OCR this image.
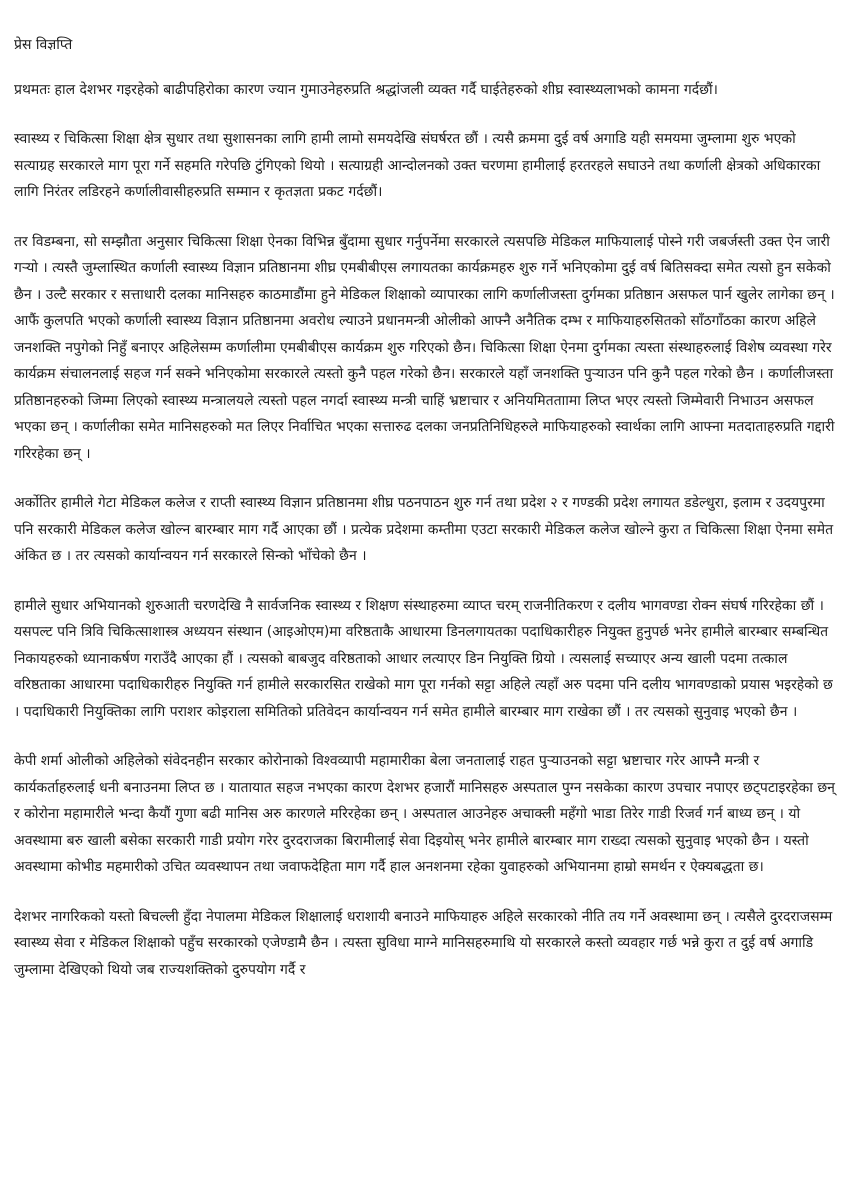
प्रेस विज्ञप्ति
प्रथमतः हाल देशभर गइरहेको बाढीपहिरोका कारण ज्यान गुमाउनेहरुप्रति श्रद्धांजली व्यक्त गर्दै घाईतेहरुको शीघ्र स्वास्थ्यलाभको कामना गर्दछौं।
स्वास्थ्य र चिकित्सा शिक्षा क्षेत्र सुधार तथा सुशासनका लागि हामी लामो समयदेखि संघर्षरत छौं । त्यसै क्रममा दुई वर्ष अगाडि यही समयमा जुम्लामा शुरु भएको सत्याग्रह सरकारले माग पूरा गर्ने सहमति गरेपछि टुंगिएको थियो । सत्याग्रही आन्दोलनको उक्त चरणमा हामीलाई हरतरहले सघाउने तथा कर्णाली क्षेत्रको अधिकारका लागि निरंतर लडिरहने कर्णालीवासीहरुप्रति सम्मान र कृतज्ञता प्रकट गर्दछौं।
तर विडम्बना, सो सम्झौता अनुसार चिकित्सा शिक्षा ऐनका विभिन्न बुँदामा सुधार गर्नुपर्नेमा सरकारले त्यसपछि मेडिकल माफियालाई पोस्ने गरी जबर्जस्ती उक्त ऐन जारी गर्‍यो । त्यस्तै जुम्लास्थित कर्णाली स्वास्थ्य विज्ञान प्रतिष्ठानमा शीघ्र एमबीबीएस लगायतका कार्यक्रमहरु शुरु गर्ने भनिएकोमा दुई वर्ष बितिसक्दा समेत त्यसो हुन सकेको छैन । उल्टै सरकार र सत्ताधारी दलका मानिसहरु काठमाडौंमा हुने मेडिकल शिक्षाको व्यापारका लागि कर्णालीजस्ता दुर्गमका प्रतिष्ठान असफल पार्न खुलेर लागेका छन् । आफैं कुलपति भएको कर्णाली स्वास्थ्य विज्ञान प्रतिष्ठानमा अवरोध ल्याउने प्रधानमन्त्री ओलीको आफ्नै अनैतिक दम्भ र माफियाहरुसितको साँठगाँठका कारण अहिले जनशक्ति नपुगेको निहुँ बनाएर अहिलेसम्म कर्णालीमा एमबीबीएस कार्यक्रम शुरु गरिएको छैन। चिकित्सा शिक्षा ऐनमा दुर्गमका त्यस्ता संस्थाहरुलाई विशेष व्यवस्था गरेर कार्यक्रम संचालनलाई सहज गर्न सक्ने भनिएकोमा सरकारले त्यस्तो कुनै पहल गरेको छैन। सरकारले यहाँ जनशक्ति पुर्‍याउन पनि कुनै पहल गरेको छैन । कर्णालीजस्ता प्रतिष्ठानहरुको जिम्मा लिएको स्वास्थ्य मन्त्रालयले त्यस्तो पहल नगर्दा स्वास्थ्य मन्त्री चाहिं भ्रष्टाचार र अनियमितताामा लिप्त भएर त्यस्तो जिम्मेवारी निभाउन असफल भएका छन् । कर्णालीका समेत मानिसहरुको मत लिएर निर्वाचित भएका सत्तारुढ दलका जनप्रतिनिधिहरुले माफियाहरुको स्वार्थका लागि आफ्ना मतदाताहरुप्रति गद्दारी गरिरहेका छन् ।
अर्कोतिर हामीले गेटा मेडिकल कलेज र राप्ती स्वास्थ्य विज्ञान प्रतिष्ठानमा शीघ्र पठनपाठन शुरु गर्न तथा प्रदेश २ र गण्डकी प्रदेश लगायत डडेल्धुरा, इलाम र उदयपुरमा पनि सरकारी मेडिकल कलेज खोल्न बारम्बार माग गर्दै आएका छौं । प्रत्येक प्रदेशमा कम्तीमा एउटा सरकारी मेडिकल कलेज खोल्ने कुरा त चिकित्सा शिक्षा ऐनमा समेत अंकित छ । तर त्यसको कार्यान्वयन गर्न सरकारले सिन्को भाँचेको छैन ।
हामीले सुधार अभियानको शुरुआती चरणदेखि नै सार्वजनिक स्वास्थ्य र शिक्षण संस्थाहरुमा व्याप्त चरम् राजनीतिकरण र दलीय भागवण्डा रोक्न संघर्ष गरिरहेका छौं । यसपल्ट पनि त्रिवि चिकित्साशास्त्र अध्ययन संस्थान (आइओएम)मा वरिष्ठताकै आधारमा डिनलगायतका पदाधिकारीहरु नियुक्त हुनुपर्छ भनेर हामीले बारम्बार सम्बन्धित निकायहरुको ध्यानाकर्षण गराउँदै आएका हौं । त्यसको बाबजुद वरिष्ठताको आधार लत्याएर डिन नियुक्ति ग्रियो । त्यसलाई सच्याएर अन्य खाली पदमा तत्काल वरिष्ठताका आधारमा पदाधिकारीहरु नियुक्ति गर्न हामीले सरकारसित राखेको माग पूरा गर्नको सट्टा अहिले त्यहाँ अरु पदमा पनि दलीय भागवण्डाको प्रयास भइरहेको छ । पदाधिकारी नियुक्तिका लागि पराशर कोइराला समितिको प्रतिवेदन कार्यान्वयन गर्न समेत हामीले बारम्बार माग राखेका छौं । तर त्यसको सुनुवाइ भएको छैन ।
केपी शर्मा ओलीको अहिलेको संवेदनहीन सरकार कोरोनाको विश्वव्यापी महामारीका बेला जनतालाई राहत पुर्‍याउनको सट्टा भ्रष्टाचार गरेर आफ्नै मन्त्री र कार्यकर्ताहरुलाई धनी बनाउनमा लिप्त छ । यातायात सहज नभएका कारण देशभर हजारौं मानिसहरु अस्पताल पुग्न नसकेका कारण उपचार नपाएर छट्पटाइरहेका छन् र कोरोना महामारीले भन्दा कैयौं गुणा बढी मानिस अरु कारणले मरिरहेका छन् । अस्पताल आउनेहरु अचाक्ली महँगो भाडा तिरेर गाडी रिजर्व गर्न बाध्य छन् । यो अवस्थामा बरु खाली बसेका सरकारी गाडी प्रयोग गरेर दुरदराजका बिरामीलाई सेवा दिइयोस् भनेर हामीले बारम्बार माग राख्दा त्यसको सुनुवाइ भएको छैन । यस्तो अवस्थामा कोभीड महमारीको उचित व्यवस्थापन तथा जवाफदेहिता माग गर्दै हाल अनशनमा रहेका युवाहरुको अभियानमा हाम्रो समर्थन र ऐक्यबद्धता छ।
देशभर नागरिकको यस्तो बिचल्ली हुँदा नेपालमा मेडिकल शिक्षालाई धराशायी बनाउने माफियाहरु अहिले सरकारको नीति तय गर्ने अवस्थामा छन् । त्यसैले दुरदराजसम्म स्वास्थ्य सेवा र मेडिकल शिक्षाको पहुँच सरकारको एजेण्डामै छैन । त्यस्ता सुविधा माग्ने मानिसहरुमाथि यो सरकारले कस्तो व्यवहार गर्छ भन्ने कुरा त दुई वर्ष अगाडि जुम्लामा देखिएको थियो जब राज्यशक्तिको दुरुपयोग गर्दै र
